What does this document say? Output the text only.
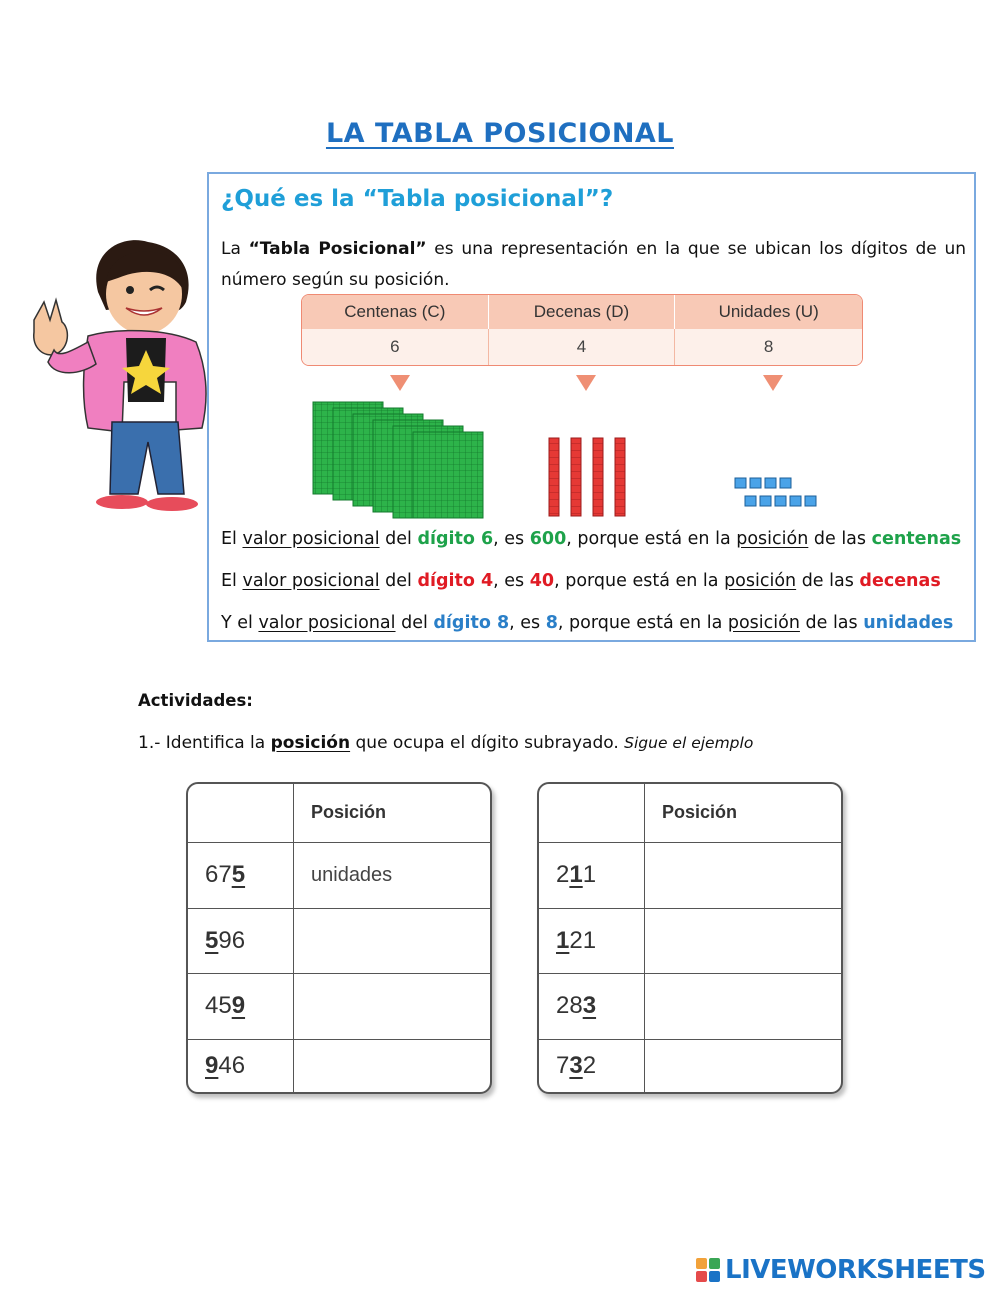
LA TABLA POSICIONAL
¿Qué es la “Tabla posicional”?
La “Tabla Posicional” es una representación en la que se ubican los dígitos de un número según su posición.
Centenas (C)	Decenas (D)	Unidades (U)
6	4	8
El valor posicional del dígito 6, es 600, porque está en la posición de las centenas
El valor posicional del dígito 4, es 40, porque está en la posición de las decenas
Y el valor posicional del dígito 8, es 8, porque está en la posición de las unidades
Actividades:
1.- Identifica la posición que ocupa el dígito subrayado. Sigue el ejemplo
	Posición
675	unidades
596	
459	
946	
	Posición
211	
121	
283	
732	
LIVEWORKSHEETS
